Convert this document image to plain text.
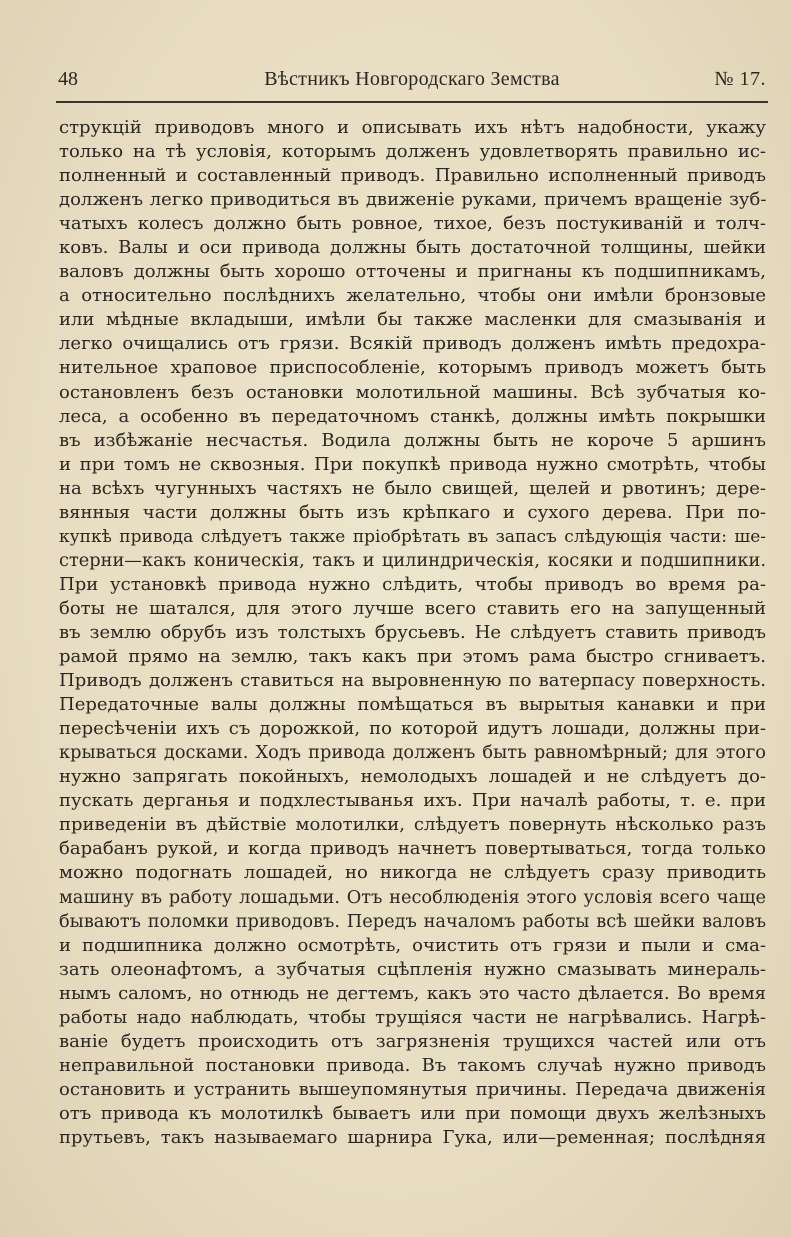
48	Вѣстникъ Новгородскаго Земства	№ 17.
струкцій приводовъ много и описывать ихъ нѣтъ надобности, укажу
только на тѣ условія, которымъ долженъ удовлетворять правильно ис-
полненный и составленный приводъ. Правильно исполненный приводъ
долженъ легко приводиться въ движеніе руками, причемъ вращеніе зуб-
чатыхъ колесъ должно быть ровное, тихое, безъ постукиваній и толч-
ковъ. Валы и оси привода должны быть достаточной толщины, шейки
валовъ должны быть хорошо отточены и пригнаны къ подшипникамъ,
а относительно послѣднихъ желательно, чтобы они имѣли бронзовые
или мѣдные вкладыши, имѣли бы также масленки для смазыванія и
легко очищались отъ грязи. Всякій приводъ долженъ имѣть предохра-
нительное храповое приспособленіе, которымъ приводъ можетъ быть
остановленъ безъ остановки молотильной машины. Всѣ зубчатыя ко-
леса, а особенно въ передаточномъ станкѣ, должны имѣть покрышки
въ избѣжаніе несчастья. Водила должны быть не короче 5 аршинъ
и при томъ не сквозныя. При покупкѣ привода нужно смотрѣть, чтобы
на всѣхъ чугунныхъ частяхъ не было свищей, щелей и рвотинъ; дере-
вянныя части должны быть изъ крѣпкаго и сухого дерева. При по-
купкѣ привода слѣдуетъ также пріобрѣтать въ запасъ слѣдующія части: ше-
стерни—какъ коническія, такъ и цилиндрическія, косяки и подшипники.
При установкѣ привода нужно слѣдить, чтобы приводъ во время ра-
боты не шатался, для этого лучше всего ставить его на запущенный
въ землю обрубъ изъ толстыхъ брусьевъ. Не слѣдуетъ ставить приводъ
рамой прямо на землю, такъ какъ при этомъ рама быстро сгниваетъ.
Приводъ долженъ ставиться на выровненную по ватерпасу поверхность.
Передаточные валы должны помѣщаться въ вырытыя канавки и при
пересѣченіи ихъ съ дорожкой, по которой идутъ лошади, должны при-
крываться досками. Ходъ привода долженъ быть равномѣрный; для этого
нужно запрягать покойныхъ, немолодыхъ лошадей и не слѣдуетъ до-
пускать дерганья и подхлестыванья ихъ. При началѣ работы, т. е. при
приведеніи въ дѣйствіе молотилки, слѣдуетъ повернуть нѣсколько разъ
барабанъ рукой, и когда приводъ начнетъ повертываться, тогда только
можно подогнать лошадей, но никогда не слѣдуетъ сразу приводить
машину въ работу лошадьми. Отъ несоблюденія этого условія всего чаще
бываютъ поломки приводовъ. Передъ началомъ работы всѣ шейки валовъ
и подшипника должно осмотрѣть, очистить отъ грязи и пыли и сма-
зать олеонафтомъ, а зубчатыя сцѣпленія нужно смазывать минераль-
нымъ саломъ, но отнюдь не дегтемъ, какъ это часто дѣлается. Во время
работы надо наблюдать, чтобы трущіяся части не нагрѣвались. Нагрѣ-
ваніе будетъ происходить отъ загрязненія трущихся частей или отъ
неправильной постановки привода. Въ такомъ случаѣ нужно приводъ
остановить и устранить вышеупомянутыя причины. Передача движенія
отъ привода къ молотилкѣ бываетъ или при помощи двухъ желѣзныхъ
прутьевъ, такъ называемаго шарнира Гука, или—ременная; послѣдняя
